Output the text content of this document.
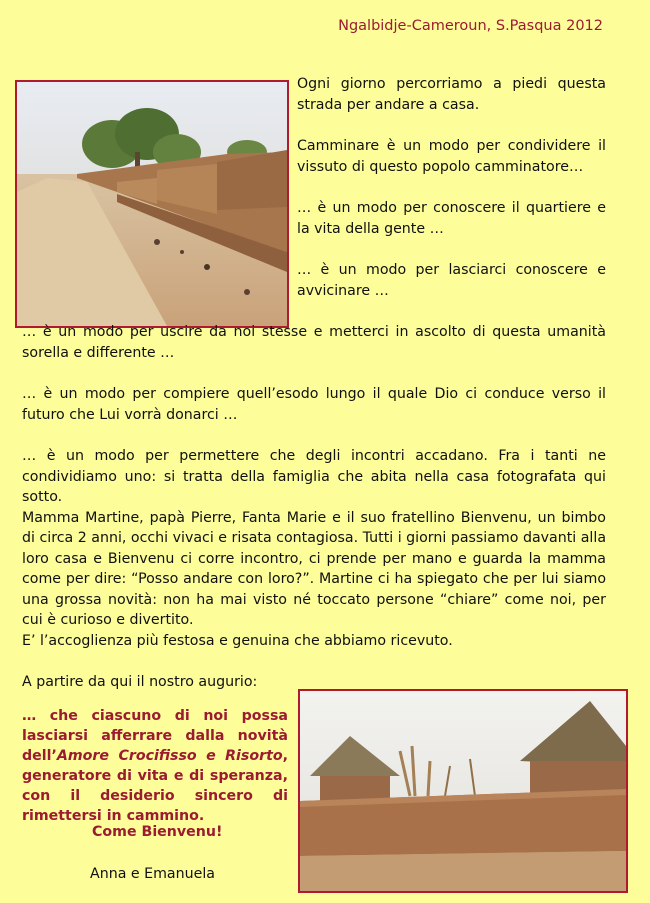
Ngalbidje-Cameroun, S.Pasqua 2012

Ogni giorno percorriamo a piedi questa strada per andare a casa.

Camminare è un modo per condividere il vissuto di questo popolo camminatore…

… è un modo per conoscere il quartiere e la vita della gente …

… è un modo per lasciarci conoscere e avvicinare …

… è un modo per uscire da noi stesse e metterci in ascolto di questa umanità sorella e differente …

… è un modo per compiere quell’esodo lungo il quale Dio ci conduce verso il futuro che Lui vorrà donarci …

… è un modo per permettere che degli incontri accadano. Fra i tanti ne condividiamo uno: si tratta della famiglia che abita nella casa fotografata qui sotto.

Mamma Martine, papà Pierre, Fanta Marie e il suo fratellino Bienvenu, un bimbo di circa 2 anni, occhi vivaci e risata contagiosa. Tutti i giorni passiamo davanti alla loro casa e Bienvenu ci corre incontro, ci prende per mano e guarda la mamma come per dire: “Posso andare con loro?”. Martine ci ha spiegato che per lui siamo una grossa novità: non ha mai visto né toccato persone “chiare” come noi, per cui è curioso e divertito.

E’ l’accoglienza più festosa e genuina che abbiamo ricevuto.

A partire da qui il nostro augurio:

… che ciascuno di noi possa lasciarsi afferrare dalla novità dell’Amore Crocifisso e Risorto, generatore di vita e di speranza, con il desiderio sincero di rimettersi in cammino.
Come Bienvenu!
Anna e Emanuela
